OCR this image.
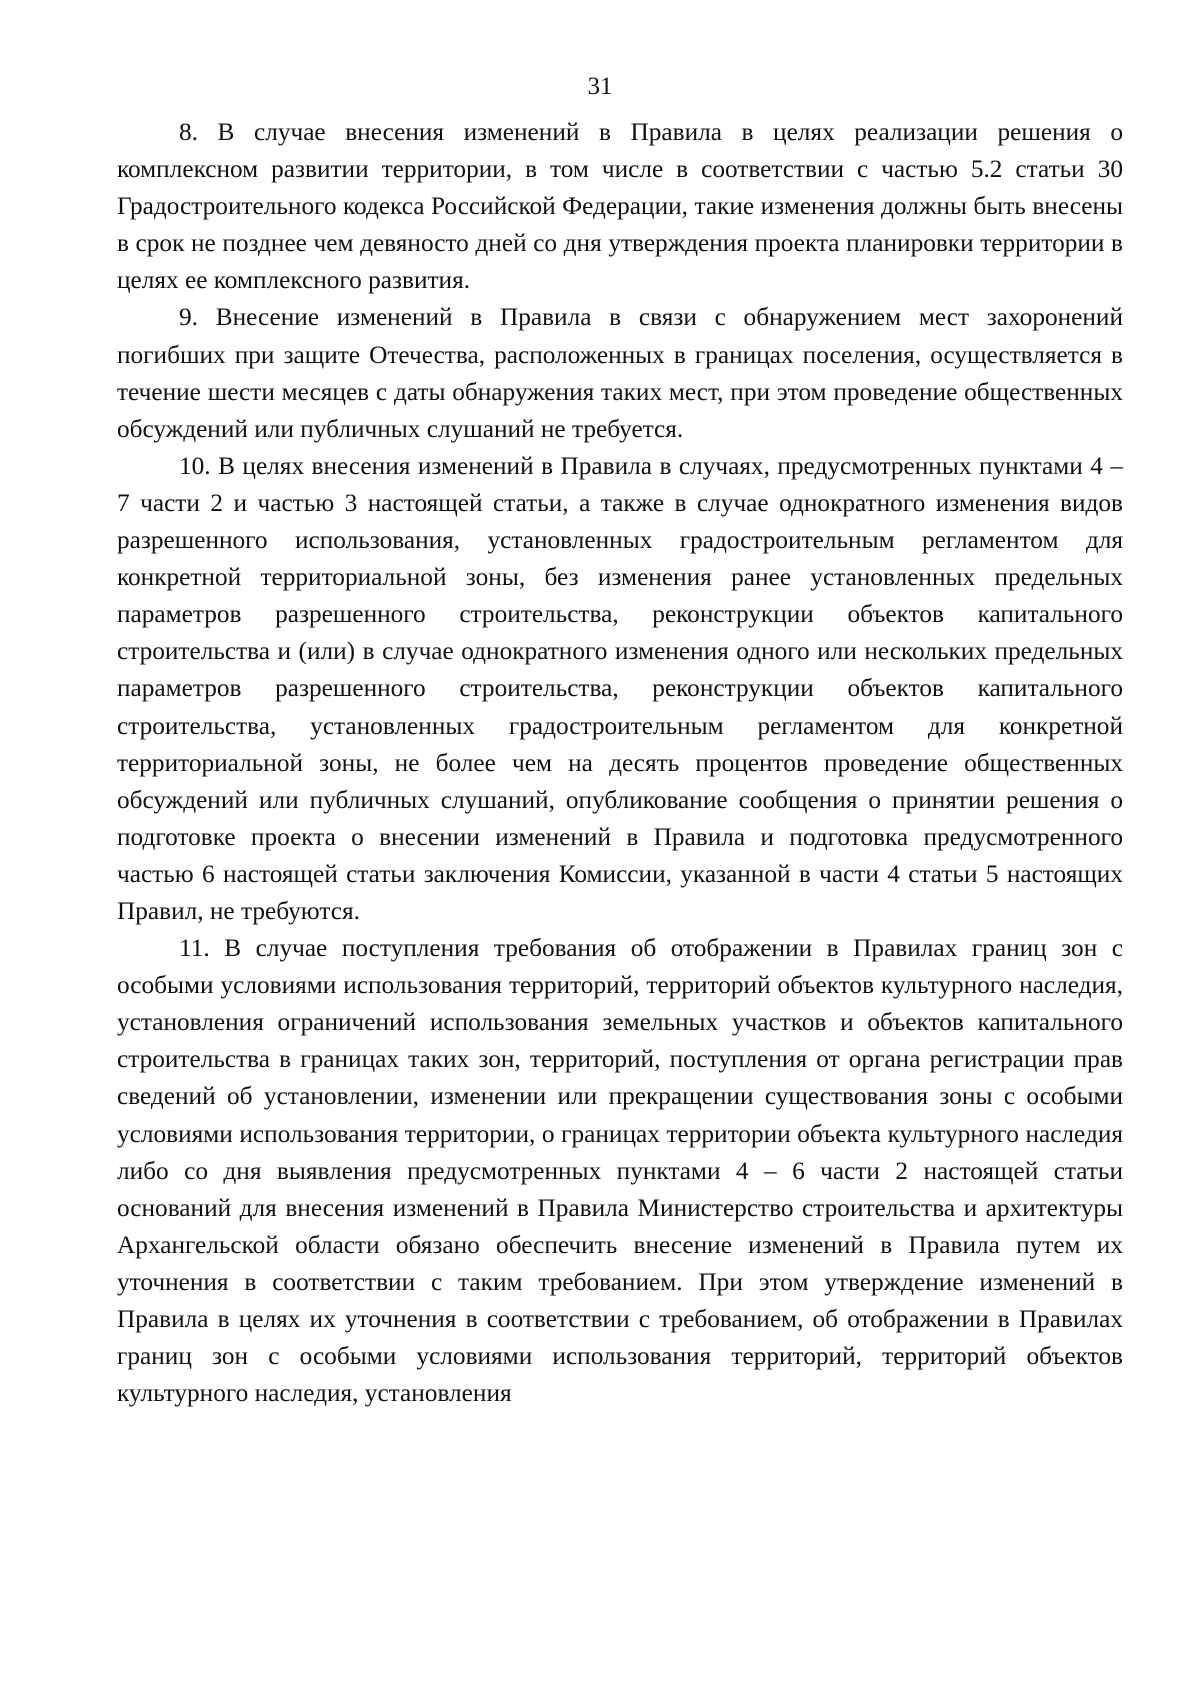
31

8. В случае внесения изменений в Правила в целях реализации решения о комплексном развитии территории, в том числе в соответствии с частью 5.2 статьи 30 Градостроительного кодекса Российской Федерации, такие изменения должны быть внесены в срок не позднее чем девяносто дней со дня утверждения проекта планировки территории в целях ее комплексного развития.

9. Внесение изменений в Правила в связи с обнаружением мест захоронений погибших при защите Отечества, расположенных в границах поселения, осуществляется в течение шести месяцев с даты обнаружения таких мест, при этом проведение общественных обсуждений или публичных слушаний не требуется.

10. В целях внесения изменений в Правила в случаях, предусмотренных пунктами 4 – 7 части 2 и частью 3 настоящей статьи, а также в случае однократного изменения видов разрешенного использования, установленных градостроительным регламентом для конкретной территориальной зоны, без изменения ранее установленных предельных параметров разрешенного строительства, реконструкции объектов капитального строительства и (или) в случае однократного изменения одного или нескольких предельных параметров разрешенного строительства, реконструкции объектов капитального строительства, установленных градостроительным регламентом для конкретной территориальной зоны, не более чем на десять процентов проведение общественных обсуждений или публичных слушаний, опубликование сообщения о принятии решения о подготовке проекта о внесении изменений в Правила и подготовка предусмотренного частью 6 настоящей статьи заключения Комиссии, указанной в части 4 статьи 5 настоящих Правил, не требуются.

11. В случае поступления требования об отображении в Правилах границ зон с особыми условиями использования территорий, территорий объектов культурного наследия, установления ограничений использования земельных участков и объектов капитального строительства в границах таких зон, территорий, поступления от органа регистрации прав сведений об установлении, изменении или прекращении существования зоны с особыми условиями использования территории, о границах территории объекта культурного наследия либо со дня выявления предусмотренных пунктами 4 – 6 части 2 настоящей статьи оснований для внесения изменений в Правила Министерство строительства и архитектуры Архангельской области обязано обеспечить внесение изменений в Правила путем их уточнения в соответствии с таким требованием. При этом утверждение изменений в Правила в целях их уточнения в соответствии с требованием, об отображении в Правилах границ зон с особыми условиями использования территорий, территорий объектов культурного наследия, установления
